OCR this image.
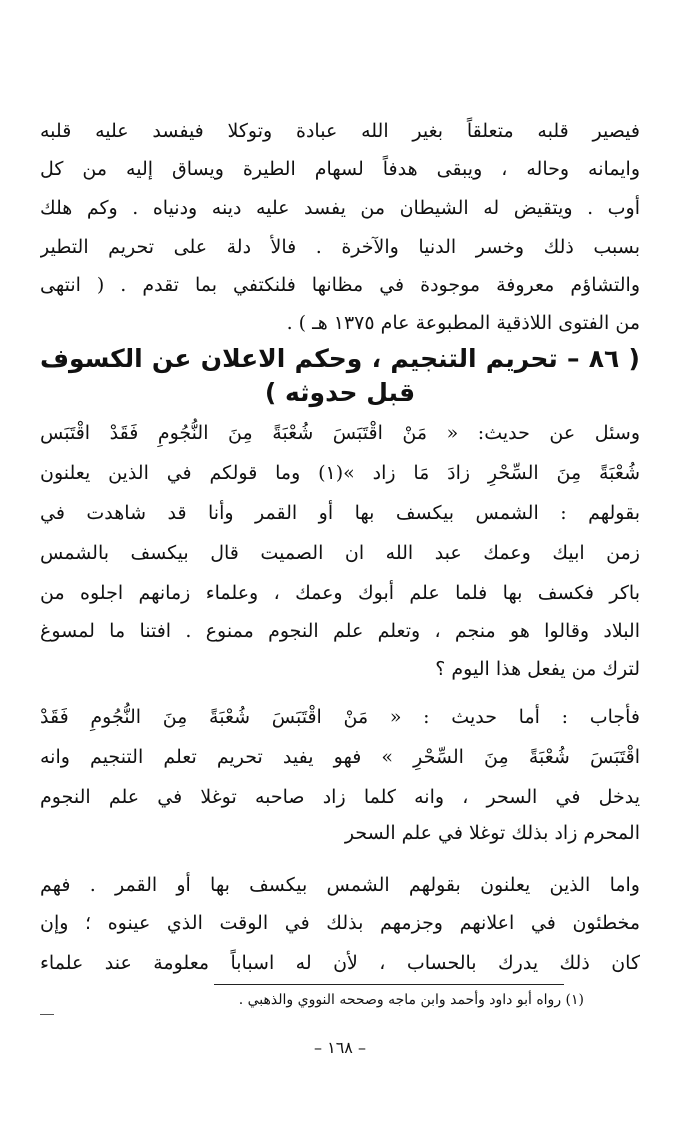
فيصير قلبه متعلقاً بغير الله عبادة وتوكلا فيفسد عليه قلبه
وايمانه وحاله ، ويبقى هدفاً لسهام الطيرة ويساق إليه من كل
أوب . ويتقيض له الشيطان من يفسد عليه دينه ودنياه . وكم هلك
بسبب ذلك وخسر الدنيا والآخرة . فالأ دلة على تحريم التطير
والتشاؤم معروفة موجودة في مظانها فلنكتفي بما تقدم . ( انتهى
من الفتوى اللاذقية المطبوعة عام ١٣٧٥ هـ ) .
( ٨٦ – تحريم التنجيم ، وحكم الاعلان عن الكسوف
قبل حدوثه )
وسئل عن حديث: « مَنْ اقْتَبَسَ شُعْبَةً مِنَ النُّجُومِ فَقَدْ اقْتَبَس
شُعْبَةً مِنَ السِّحْرِ زادَ مَا زاد »(١) وما قولكم في الذين يعلنون
بقولهم : الشمس بيكسف بها أو القمر وأنا قد شاهدت في
زمن ابيك وعمك عبد الله ان الصميت قال بيكسف بالشمس
باكر فكسف بها فلما علم أبوك وعمك ، وعلماء زمانهم اجلوه من
البلاد وقالوا هو منجم ، وتعلم علم النجوم ممنوع . افتنا ما لمسوغ
لترك من يفعل هذا اليوم ؟
فأجاب : أما حديث : « مَنْ اقْتَبَسَ شُعْبَةً مِنَ النُّجُومِ فَقَدْ
اقْتَبَسَ شُعْبَةً مِنَ السِّحْرِ » فهو يفيد تحريم تعلم التنجيم وانه
يدخل في السحر ، وانه كلما زاد صاحبه توغلا في علم النجوم
المحرم زاد بذلك توغلا في علم السحر
واما الذين يعلنون بقولهم الشمس بيكسف بها أو القمر . فهم
مخطئون في اعلانهم وجزمهم بذلك في الوقت الذي عينوه ؛ وإن
كان ذلك يدرك بالحساب ، لأن له اسباباً معلومة عند علماء
(١) رواه أبو داود وأحمد وابن ماجه وصححه النووي والذهبي .
– ١٦٨ –
